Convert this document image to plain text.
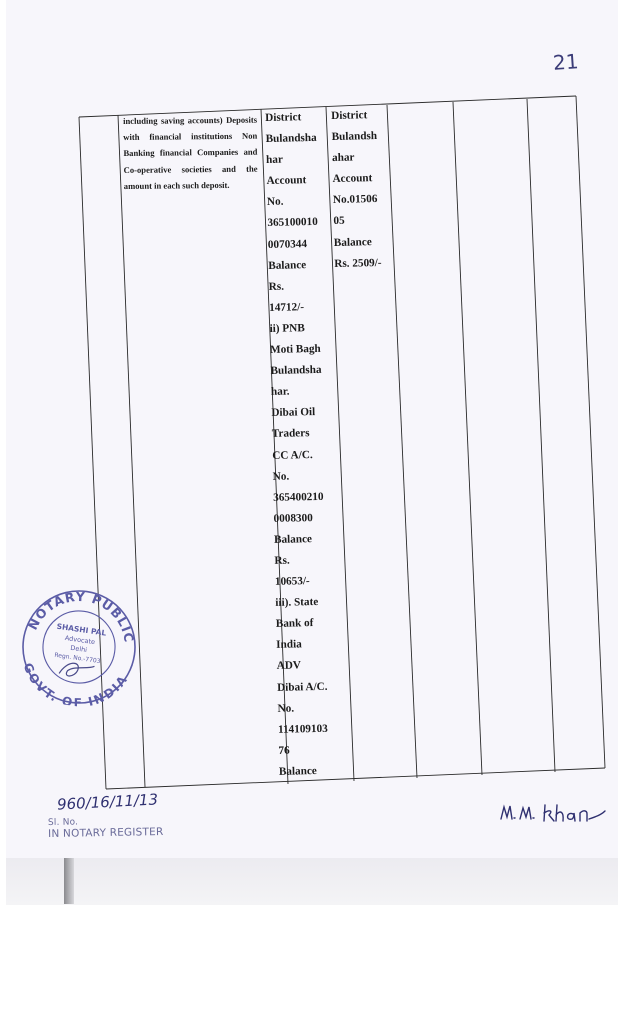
21
including saving accounts) Deposits with financial institutions Non Banking financial Companies and Co-operative societies and the amount in each such deposit.
District
Bulandsha
har
Account
No.
365100010
0070344
Balance
Rs.
14712/-
ii) PNB
Moti Bagh
Bulandsha
har.
Dibai Oil
Traders
CC A/C.
No.
365400210
0008300
Balance
Rs.
10653/-
iii). State
Bank of
India
ADV
Dibai A/C.
No.
114109103
76
Balance
District
Bulandsh
ahar
Account
No.01506
05
Balance
Rs. 2509/-
NOTARY PUBLIC
GOVT. OF INDIA
SHASHI PAL
Advocate
Delhi
Regn. No.-7703
960/16/11/13
Sl. No.
IN NOTARY REGISTER
